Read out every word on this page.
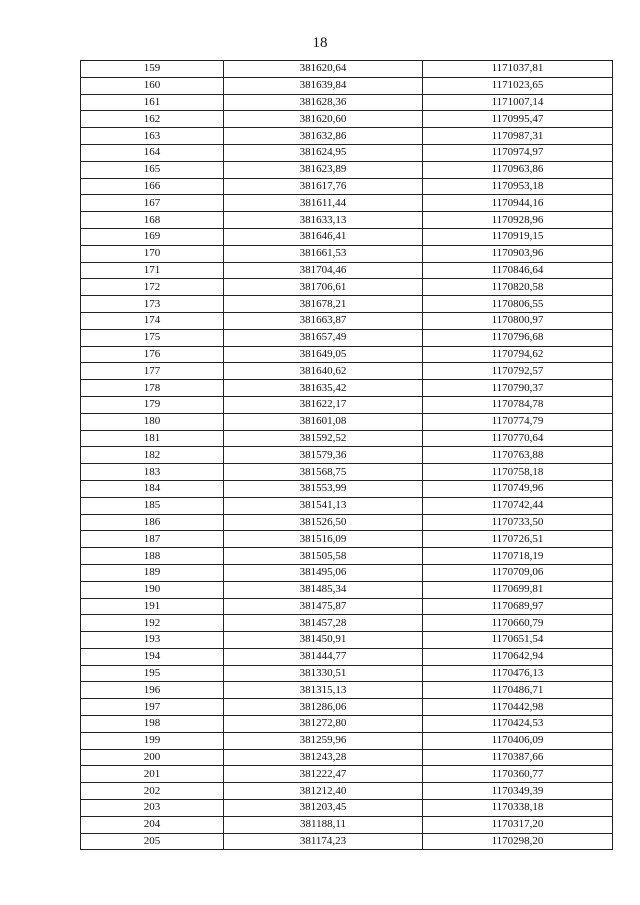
18
159	381620,64	1171037,81
160	381639,84	1171023,65
161	381628,36	1171007,14
162	381620,60	1170995,47
163	381632,86	1170987,31
164	381624,95	1170974,97
165	381623,89	1170963,86
166	381617,76	1170953,18
167	381611,44	1170944,16
168	381633,13	1170928,96
169	381646,41	1170919,15
170	381661,53	1170903,96
171	381704,46	1170846,64
172	381706,61	1170820,58
173	381678,21	1170806,55
174	381663,87	1170800,97
175	381657,49	1170796,68
176	381649,05	1170794,62
177	381640,62	1170792,57
178	381635,42	1170790,37
179	381622,17	1170784,78
180	381601,08	1170774,79
181	381592,52	1170770,64
182	381579,36	1170763,88
183	381568,75	1170758,18
184	381553,99	1170749,96
185	381541,13	1170742,44
186	381526,50	1170733,50
187	381516,09	1170726,51
188	381505,58	1170718,19
189	381495,06	1170709,06
190	381485,34	1170699,81
191	381475,87	1170689,97
192	381457,28	1170660,79
193	381450,91	1170651,54
194	381444,77	1170642,94
195	381330,51	1170476,13
196	381315,13	1170486,71
197	381286,06	1170442,98
198	381272,80	1170424,53
199	381259,96	1170406,09
200	381243,28	1170387,66
201	381222,47	1170360,77
202	381212,40	1170349,39
203	381203,45	1170338,18
204	381188,11	1170317,20
205	381174,23	1170298,20
